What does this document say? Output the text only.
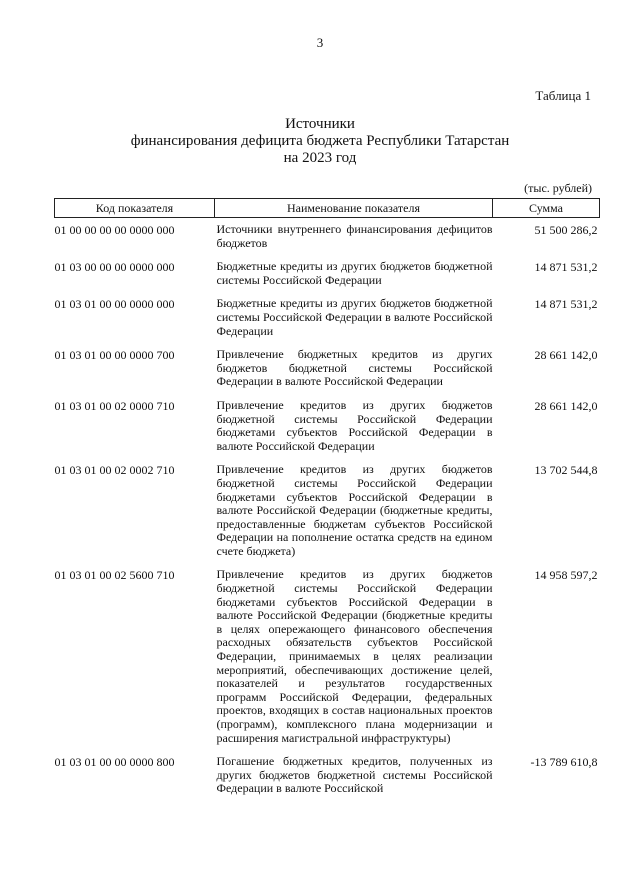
3
Таблица 1
Источники
финансирования дефицита бюджета Республики Татарстан
на 2023 год
(тыс. рублей)
Код показателя	Наименование показателя	Сумма
01 00 00 00 00 0000 000	Источники внутреннего финансирования дефицитов бюджетов	51 500 286,2
01 03 00 00 00 0000 000	Бюджетные кредиты из других бюджетов бюджетной системы Российской Федерации	14 871 531,2
01 03 01 00 00 0000 000	Бюджетные кредиты из других бюджетов бюджетной системы Российской Федерации в валюте Российской Федерации	14 871 531,2
01 03 01 00 00 0000 700	Привлечение бюджетных кредитов из других бюджетов бюджетной системы Российской Федерации в валюте Российской Федерации	28 661 142,0
01 03 01 00 02 0000 710	Привлечение кредитов из других бюджетов бюджетной системы Российской Федерации бюджетами субъектов Российской Федерации в валюте Российской Федерации	28 661 142,0
01 03 01 00 02 0002 710	Привлечение кредитов из других бюджетов бюджетной системы Российской Федерации бюджетами субъектов Российской Федерации в валюте Российской Федерации (бюджетные кредиты, предоставленные бюджетам субъектов Российской Федерации на пополнение остатка средств на едином счете бюджета)	13 702 544,8
01 03 01 00 02 5600 710	Привлечение кредитов из других бюджетов бюджетной системы Российской Федерации бюджетами субъектов Российской Федерации в валюте Российской Федерации (бюджетные кредиты в целях опережающего финансового обеспечения расходных обязательств субъектов Российской Федерации, принимаемых в целях реализации мероприятий, обеспечивающих достижение целей, показателей и результатов государственных программ Российской Федерации, федеральных проектов, входящих в состав национальных проектов (программ), комплексного плана модернизации и расширения магистральной инфраструктуры)	14 958 597,2
01 03 01 00 00 0000 800	Погашение бюджетных кредитов, полученных из других бюджетов бюджетной системы Российской Федерации в валюте Российской	-13 789 610,8
